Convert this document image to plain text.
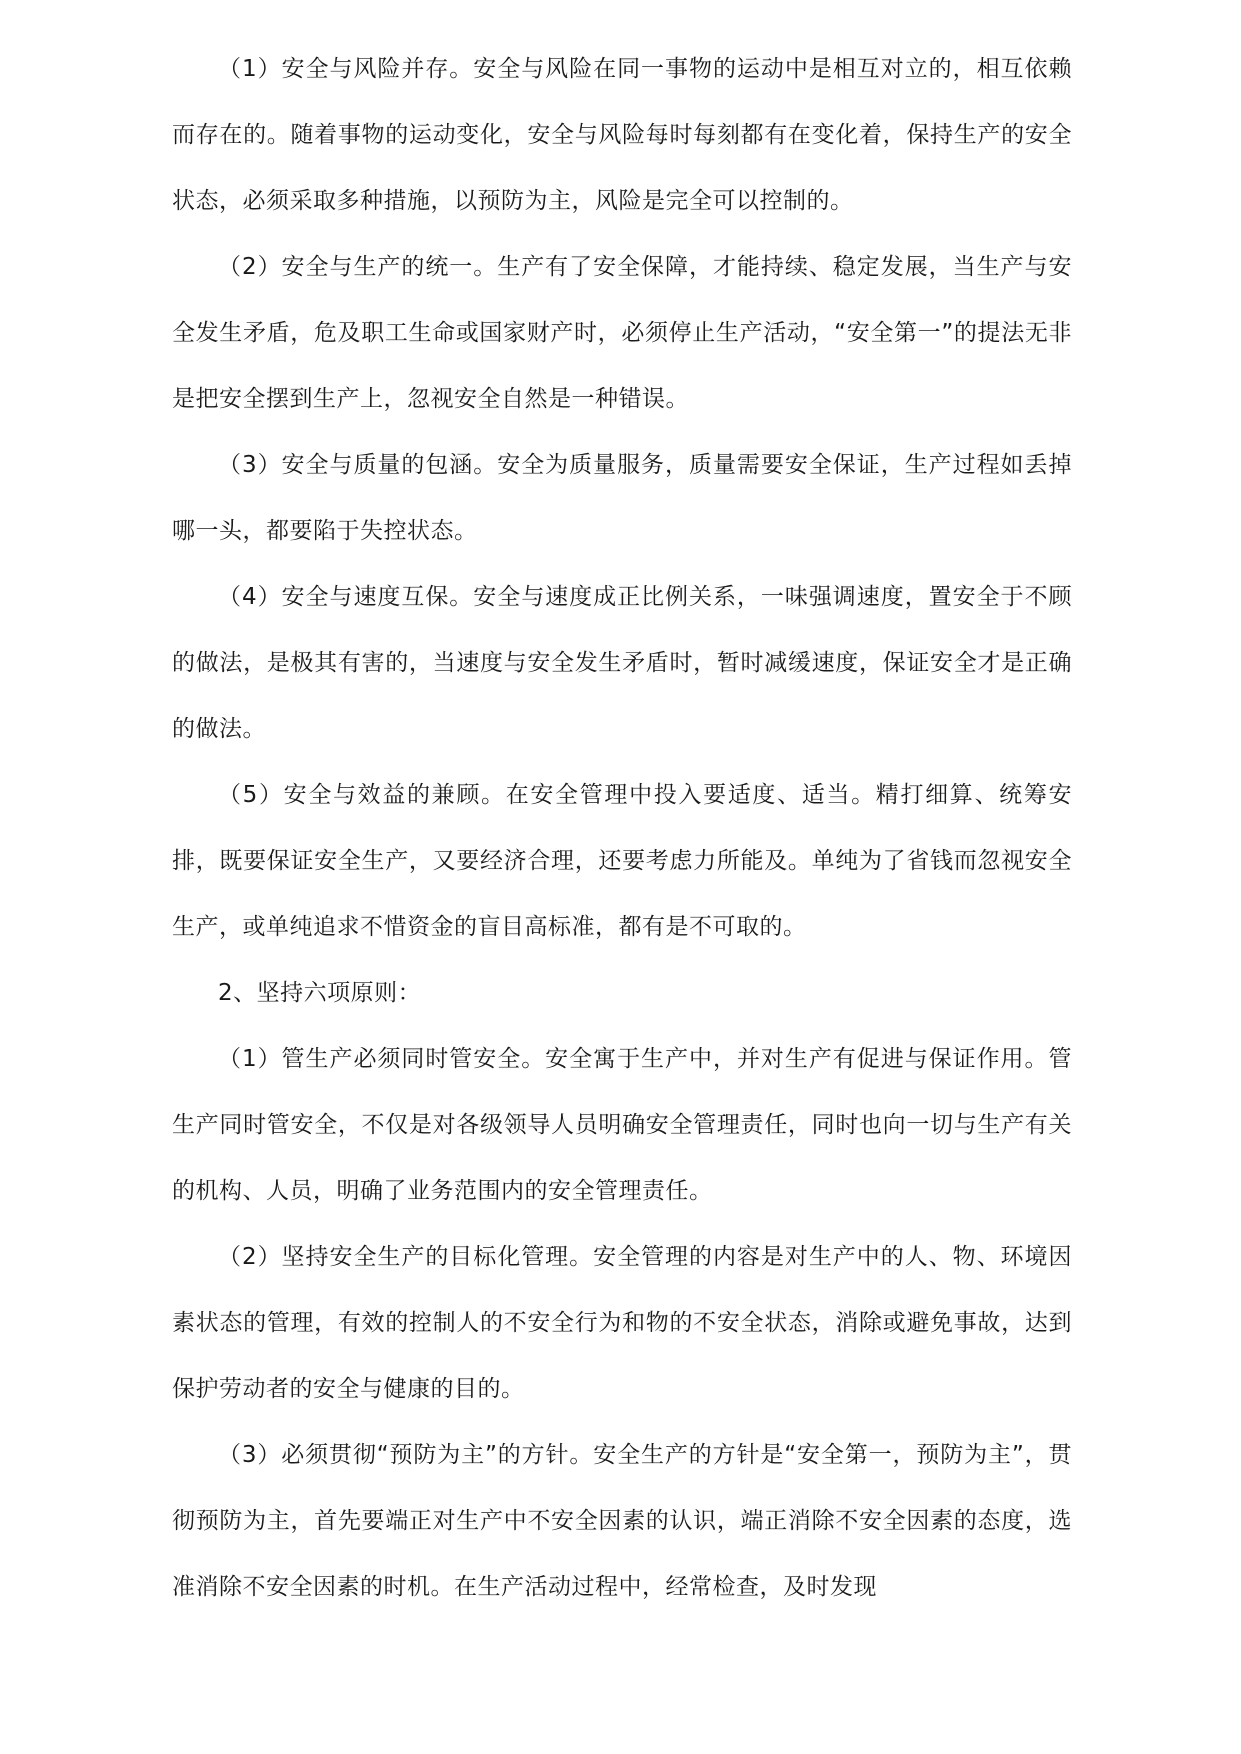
（1）安全与风险并存。安全与风险在同一事物的运动中是相互对立的，相互依赖而存在的。随着事物的运动变化，安全与风险每时每刻都有在变化着，保持生产的安全状态，必须采取多种措施，以预防为主，风险是完全可以控制的。

（2）安全与生产的统一。生产有了安全保障，才能持续、稳定发展，当生产与安全发生矛盾，危及职工生命或国家财产时，必须停止生产活动，“安全第一”的提法无非是把安全摆到生产上，忽视安全自然是一种错误。

（3）安全与质量的包涵。安全为质量服务，质量需要安全保证，生产过程如丢掉哪一头，都要陷于失控状态。

（4）安全与速度互保。安全与速度成正比例关系，一味强调速度，置安全于不顾的做法，是极其有害的，当速度与安全发生矛盾时，暂时减缓速度，保证安全才是正确的做法。

（5）安全与效益的兼顾。在安全管理中投入要适度、适当。精打细算、统筹安排，既要保证安全生产，又要经济合理，还要考虑力所能及。单纯为了省钱而忽视安全生产，或单纯追求不惜资金的盲目高标准，都有是不可取的。

2、坚持六项原则：

（1）管生产必须同时管安全。安全寓于生产中，并对生产有促进与保证作用。管生产同时管安全，不仅是对各级领导人员明确安全管理责任，同时也向一切与生产有关的机构、人员，明确了业务范围内的安全管理责任。

（2）坚持安全生产的目标化管理。安全管理的内容是对生产中的人、物、环境因素状态的管理，有效的控制人的不安全行为和物的不安全状态，消除或避免事故，达到保护劳动者的安全与健康的目的。

（3）必须贯彻“预防为主”的方针。安全生产的方针是“安全第一，预防为主”，贯彻预防为主，首先要端正对生产中不安全因素的认识，端正消除不安全因素的态度，选准消除不安全因素的时机。在生产活动过程中，经常检查，及时发现
